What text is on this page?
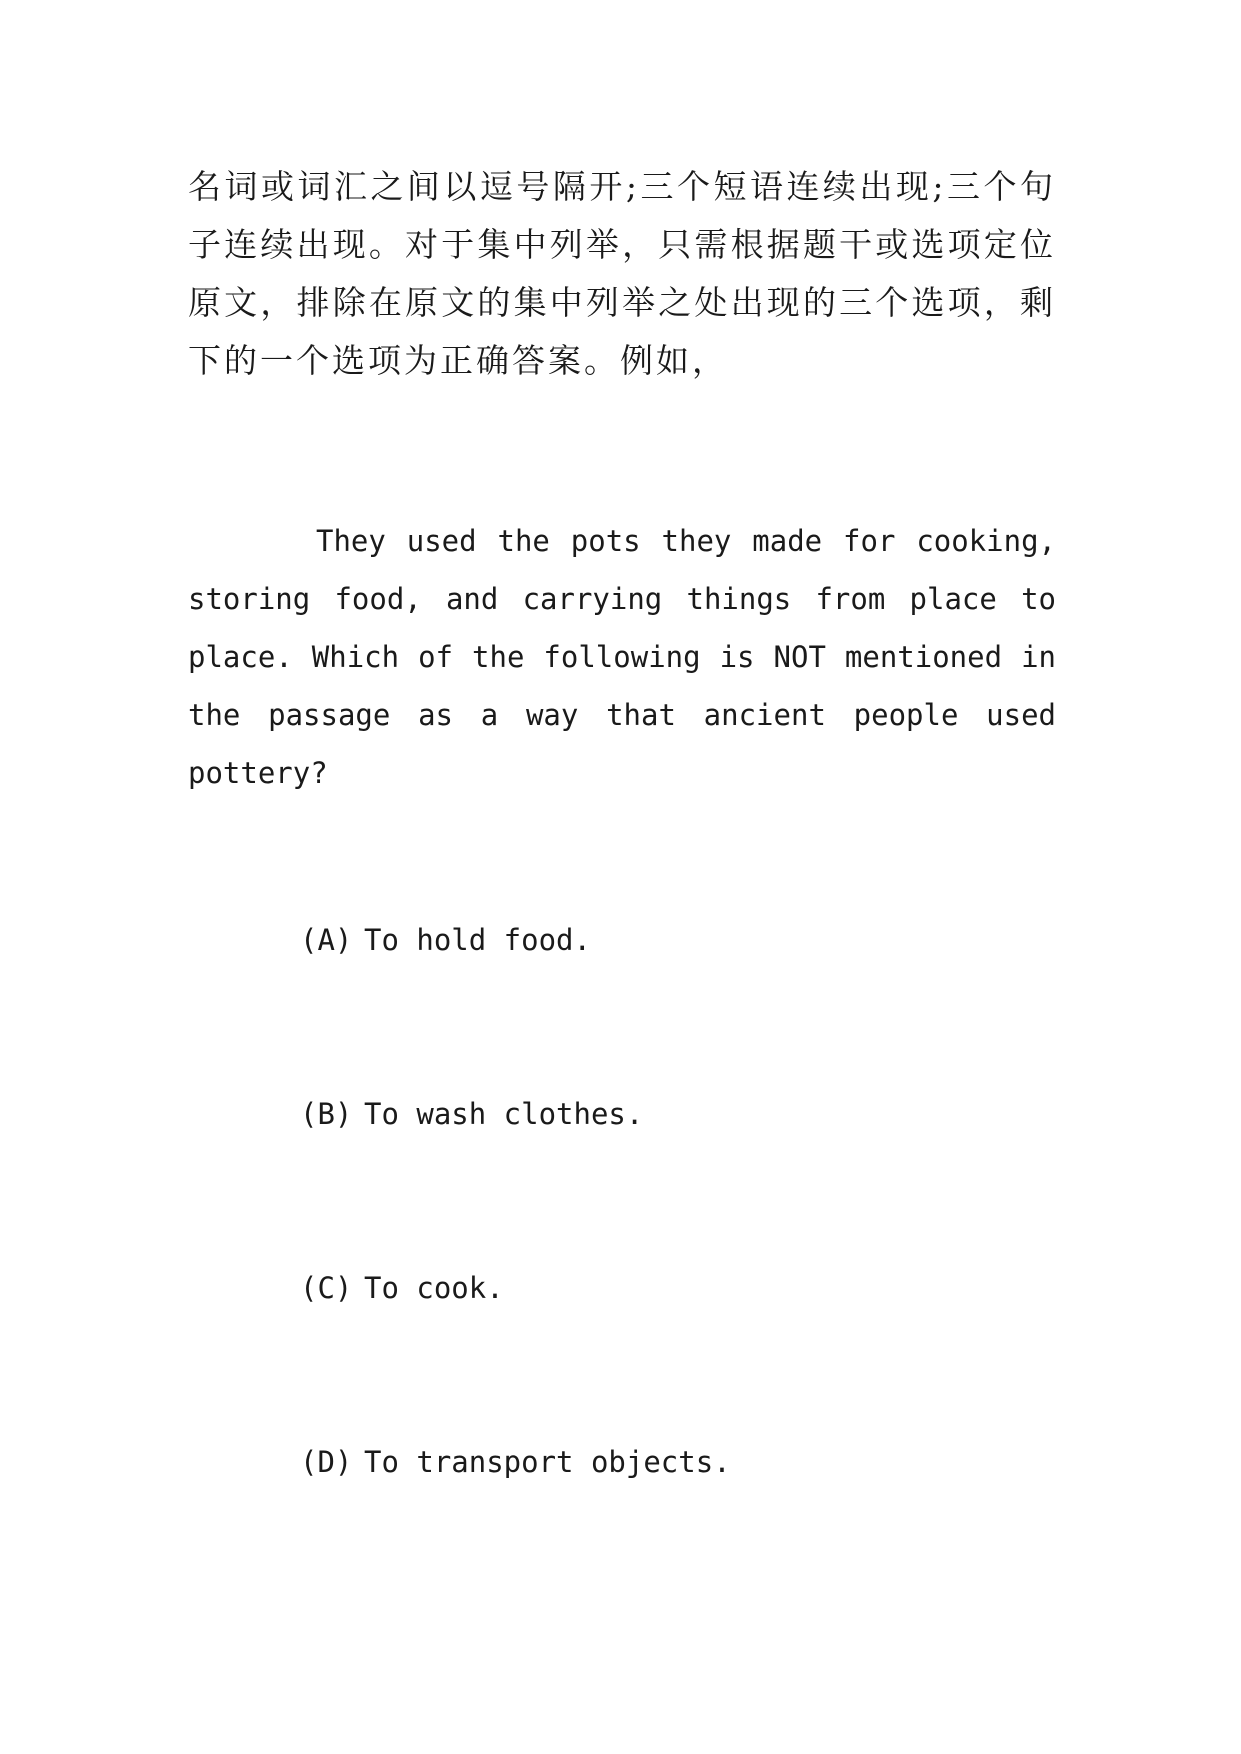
名词或词汇之间以逗号隔开;三个短语连续出现;三个句子连续出现。对于集中列举，只需根据题干或选项定位原文，排除在原文的集中列举之处出现的三个选项，剩下的一个选项为正确答案。例如，

They used the pots they made for cooking, storing food, and carrying things from place to place. Which of the following is NOT mentioned in the passage as a way that ancient people used pottery?

(A) To hold food.

(B) To wash clothes.

(C) To cook.

(D) To transport objects.
